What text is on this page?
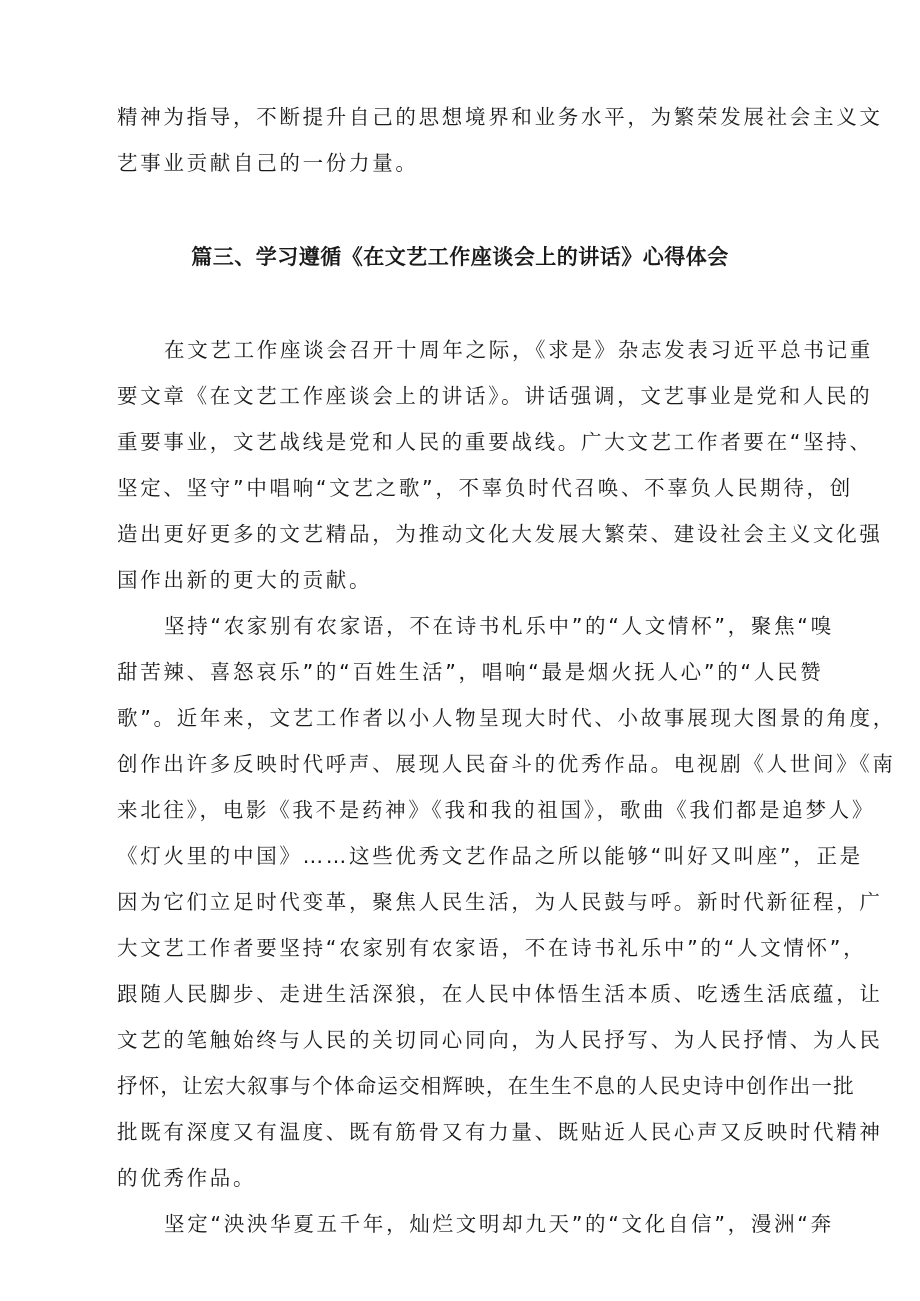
精神为指导，不断提升自己的思想境界和业务水平，为繁荣发展社会主义文
艺事业贡献自己的一份力量。
篇三、学习遵循《在文艺工作座谈会上的讲话》心得体会
在文艺工作座谈会召开十周年之际，《求是》杂志发表习近平总书记重
要文章《在文艺工作座谈会上的讲话》。讲话强调，文艺事业是党和人民的
重要事业，文艺战线是党和人民的重要战线。广大文艺工作者要在“坚持、
坚定、坚守”中唱响“文艺之歌”，不辜负时代召唤、不辜负人民期待，创
造出更好更多的文艺精品，为推动文化大发展大繁荣、建设社会主义文化强
国作出新的更大的贡献。
坚持“农家别有农家语，不在诗书札乐中”的“人文情杯”，聚焦“嗅
甜苦辣、喜怒哀乐”的“百姓生活”，唱响“最是烟火抚人心”的“人民赞
歌”。近年来，文艺工作者以小人物呈现大时代、小故事展现大图景的角度，
创作出许多反映时代呼声、展现人民奋斗的优秀作品。电视剧《人世间》《南
来北往》，电影《我不是药神》《我和我的祖国》，歌曲《我们都是追梦人》
《灯火里的中国》……这些优秀文艺作品之所以能够“叫好又叫座”，正是
因为它们立足时代变革，聚焦人民生活，为人民鼓与呼。新时代新征程，广
大文艺工作者要坚持“农家别有农家语，不在诗书礼乐中”的“人文情怀”，
跟随人民脚步、走进生活深狼，在人民中体悟生活本质、吃透生活底蕴，让
文艺的笔触始终与人民的关切同心同向，为人民抒写、为人民抒情、为人民
抒怀，让宏大叙事与个体命运交相辉映，在生生不息的人民史诗中创作出一批
批既有深度又有温度、既有筋骨又有力量、既贴近人民心声又反映时代精神
的优秀作品。
坚定“泱泱华夏五千年，灿烂文明却九天”的“文化自信”，漫洲“奔
